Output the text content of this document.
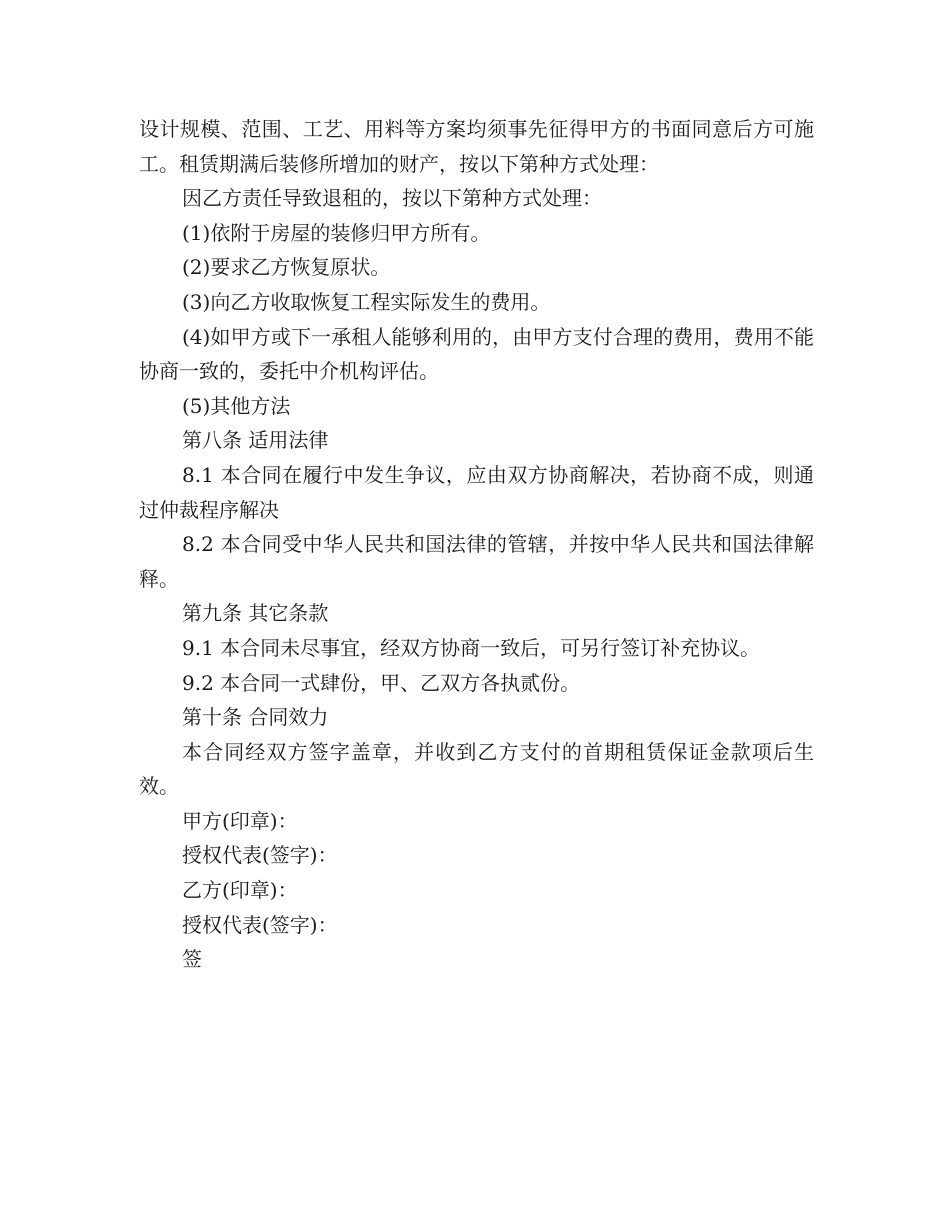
设计规模、范围、工艺、用料等方案均须事先征得甲方的书面同意后方可施工。租赁期满后装修所增加的财产，按以下第种方式处理：

因乙方责任导致退租的，按以下第种方式处理：

(1)依附于房屋的装修归甲方所有。

(2)要求乙方恢复原状。

(3)向乙方收取恢复工程实际发生的费用。

(4)如甲方或下一承租人能够利用的，由甲方支付合理的费用，费用不能协商一致的，委托中介机构评估。

(5)其他方法

第八条 适用法律

8.1 本合同在履行中发生争议，应由双方协商解决，若协商不成，则通过仲裁程序解决

8.2 本合同受中华人民共和国法律的管辖，并按中华人民共和国法律解释。

第九条 其它条款

9.1 本合同未尽事宜，经双方协商一致后，可另行签订补充协议。

9.2 本合同一式肆份，甲、乙双方各执贰份。

第十条 合同效力

本合同经双方签字盖章，并收到乙方支付的首期租赁保证金款项后生效。

甲方(印章)：

授权代表(签字)：

乙方(印章)：

授权代表(签字)：

签
